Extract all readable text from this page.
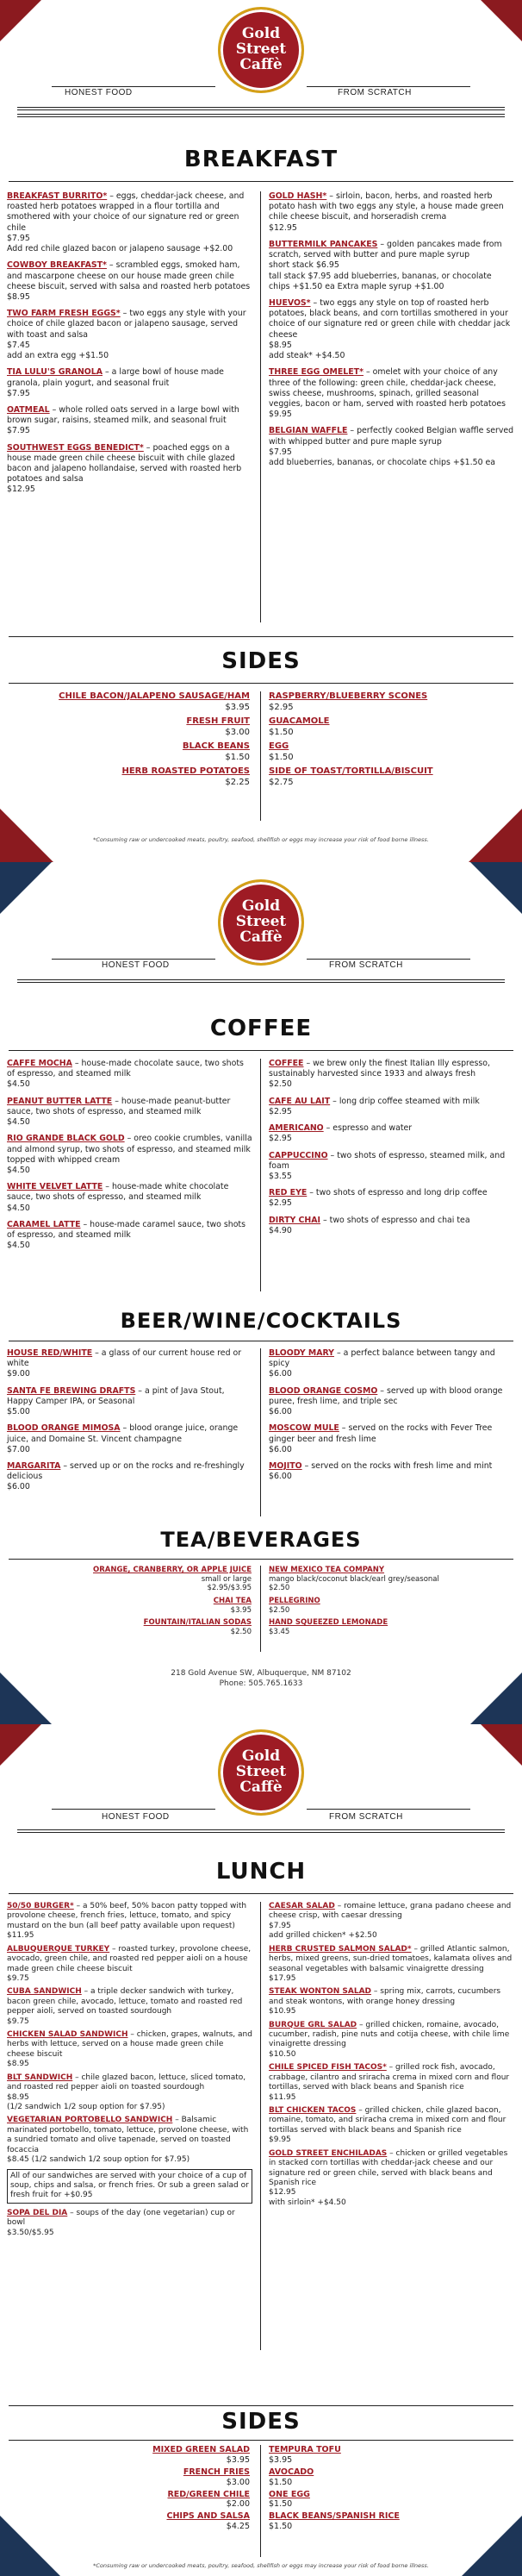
Gold
Street
Caffè
HONEST FOOD	FROM SCRATCH
BREAKFAST
BREAKFAST BURRITO* – eggs, cheddar-jack cheese, and roasted herb potatoes wrapped in a flour tortilla and smothered with your choice of our signature red or green chile
$7.95
Add red chile glazed bacon or jalapeno sausage +$2.00
COWBOY BREAKFAST* – scrambled eggs, smoked ham, and mascarpone cheese on our house made green chile cheese biscuit, served with salsa and roasted herb potatoes
$8.95
TWO FARM FRESH EGGS* – two eggs any style with your choice of chile glazed bacon or jalapeno sausage, served with toast and salsa
$7.45
add an extra egg +$1.50
TIA LULU'S GRANOLA – a large bowl of house made granola, plain yogurt, and seasonal fruit
$7.95
OATMEAL – whole rolled oats served in a large bowl with brown sugar, raisins, steamed milk, and seasonal fruit
$7.95
SOUTHWEST EGGS BENEDICT* – poached eggs on a house made green chile cheese biscuit with chile glazed bacon and jalapeno hollandaise, served with roasted herb potatoes and salsa
$12.95
GOLD HASH* – sirloin, bacon, herbs, and roasted herb potato hash with two eggs any style, a house made green chile cheese biscuit, and horseradish crema
$12.95
BUTTERMILK PANCAKES – golden pancakes made from scratch, served with butter and pure maple syrup
short stack $6.95
tall stack $7.95 add blueberries, bananas, or chocolate chips +$1.50 ea Extra maple syrup +$1.00
HUEVOS* – two eggs any style on top of roasted herb potatoes, black beans, and corn tortillas smothered in your choice of our signature red or green chile with cheddar jack cheese
$8.95
add steak* +$4.50
THREE EGG OMELET* – omelet with your choice of any three of the following: green chile, cheddar-jack cheese, swiss cheese, mushrooms, spinach, grilled seasonal veggies, bacon or ham, served with roasted herb potatoes
$9.95
BELGIAN WAFFLE – perfectly cooked Belgian waffle served with whipped butter and pure maple syrup
$7.95
add blueberries, bananas, or chocolate chips +$1.50 ea
SIDES
CHILE BACON/JALAPENO SAUSAGE/HAM
$3.95
FRESH FRUIT
$3.00
BLACK BEANS
$1.50
HERB ROASTED POTATOES
$2.25
RASPBERRY/BLUEBERRY SCONES
$2.95
GUACAMOLE
$1.50
EGG
$1.50
SIDE OF TOAST/TORTILLA/BISCUIT
$2.75
*Consuming raw or undercooked meats, poultry, seafood, shellfish or eggs may increase your risk of food borne illness.
Gold
Street
Caffè
HONEST FOOD	FROM SCRATCH
COFFEE
CAFFE MOCHA – house-made chocolate sauce, two shots of espresso, and steamed milk
$4.50
PEANUT BUTTER LATTE – house-made peanut-butter sauce, two shots of espresso, and steamed milk
$4.50
RIO GRANDE BLACK GOLD – oreo cookie crumbles, vanilla and almond syrup, two shots of espresso, and steamed milk topped with whipped cream
$4.50
WHITE VELVET LATTE – house-made white chocolate sauce, two shots of espresso, and steamed milk
$4.50
CARAMEL LATTE – house-made caramel sauce, two shots of espresso, and steamed milk
$4.50
COFFEE – we brew only the finest Italian Illy espresso, sustainably harvested since 1933 and always fresh
$2.50
CAFE AU LAIT – long drip coffee steamed with milk
$2.95
AMERICANO – espresso and water
$2.95
CAPPUCCINO – two shots of espresso, steamed milk, and foam
$3.55
RED EYE – two shots of espresso and long drip coffee
$2.95
DIRTY CHAI – two shots of espresso and chai tea
$4.90
BEER/WINE/COCKTAILS
HOUSE RED/WHITE – a glass of our current house red or white
$9.00
SANTA FE BREWING DRAFTS – a pint of Java Stout, Happy Camper IPA, or Seasonal
$5.00
BLOOD ORANGE MIMOSA – blood orange juice, orange juice, and Domaine St. Vincent champagne
$7.00
MARGARITA – served up or on the rocks and re-freshingly delicious
$6.00
BLOODY MARY – a perfect balance between tangy and spicy
$6.00
BLOOD ORANGE COSMO – served up with blood orange puree, fresh lime, and triple sec
$6.00
MOSCOW MULE – served on the rocks with Fever Tree ginger beer and fresh lime
$6.00
MOJITO – served on the rocks with fresh lime and mint
$6.00
TEA/BEVERAGES
ORANGE, CRANBERRY, OR APPLE JUICE
small or large
$2.95/$3.95
CHAI TEA
$3.95
FOUNTAIN/ITALIAN SODAS
$2.50
NEW MEXICO TEA COMPANY
mango black/coconut black/earl grey/seasonal
$2.50
PELLEGRINO
$2.50
HAND SQUEEZED LEMONADE
$3.45
218 Gold Avenue SW, Albuquerque, NM 87102
Phone: 505.765.1633
Gold
Street
Caffè
HONEST FOOD	FROM SCRATCH
LUNCH
50/50 BURGER* – a 50% beef, 50% bacon patty topped with provolone cheese, french fries, lettuce, tomato, and spicy mustard on the bun (all beef patty available upon request)
$11.95
ALBUQUERQUE TURKEY – roasted turkey, provolone cheese, avocado, green chile, and roasted red pepper aioli on a house made green chile cheese biscuit
$9.75
CUBA SANDWICH – a triple decker sandwich with turkey, bacon green chile, avocado, lettuce, tomato and roasted red pepper aioli, served on toasted sourdough
$9.75
CHICKEN SALAD SANDWICH – chicken, grapes, walnuts, and herbs with lettuce, served on a house made green chile cheese biscuit
$8.95
BLT SANDWICH – chile glazed bacon, lettuce, sliced tomato, and roasted red pepper aioli on toasted sourdough
$8.95
(1/2 sandwich 1/2 soup option for $7.95)
VEGETARIAN PORTOBELLO SANDWICH – Balsamic marinated portobello, tomato, lettuce, provolone cheese, with a sundried tomato and olive tapenade, served on toasted focaccia
$8.45 (1/2 sandwich 1/2 soup option for $7.95)
All of our sandwiches are served with your choice of a cup of soup, chips and salsa, or french fries. Or sub a green salad or fresh fruit for +$0.95
SOPA DEL DIA – soups of the day (one vegetarian) cup or bowl
$3.50/$5.95
CAESAR SALAD – romaine lettuce, grana padano cheese and cheese crisp, with caesar dressing
$7.95
add grilled chicken* +$2.50
HERB CRUSTED SALMON SALAD* – grilled Atlantic salmon, herbs, mixed greens, sun-dried tomatoes, kalamata olives and seasonal vegetables with balsamic vinaigrette dressing
$17.95
STEAK WONTON SALAD – spring mix, carrots, cucumbers and steak wontons, with orange honey dressing
$10.95
BURQUE GRL SALAD – grilled chicken, romaine, avocado, cucumber, radish, pine nuts and cotija cheese, with chile lime vinaigrette dressing
$10.50
CHILE SPICED FISH TACOS* – grilled rock fish, avocado, crabbage, cilantro and sriracha crema in mixed corn and flour tortillas, served with black beans and Spanish rice
$11.95
BLT CHICKEN TACOS – grilled chicken, chile glazed bacon, romaine, tomato, and sriracha crema in mixed corn and flour tortillas served with black beans and Spanish rice
$9.95
GOLD STREET ENCHILADAS – chicken or grilled vegetables in stacked corn tortillas with cheddar-jack cheese and our signature red or green chile, served with black beans and Spanish rice
$12.95
with sirloin* +$4.50
SIDES
MIXED GREEN SALAD
$3.95
FRENCH FRIES
$3.00
RED/GREEN CHILE
$2.00
CHIPS AND SALSA
$4.25
TEMPURA TOFU
$3.95
AVOCADO
$1.50
ONE EGG
$1.50
BLACK BEANS/SPANISH RICE
$1.50
*Consuming raw or undercooked meats, poultry, seafood, shellfish or eggs may increase your risk of food borne illness.
